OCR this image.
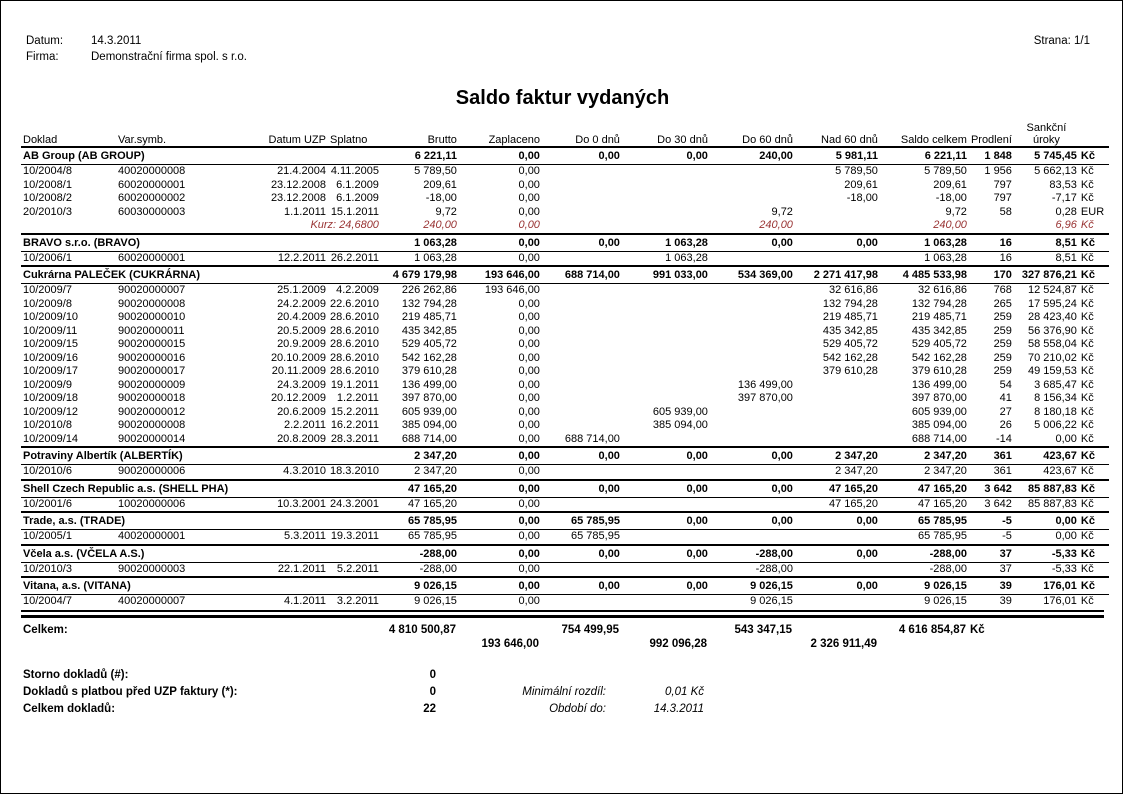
Datum:	14.3.2011
Firma:	Demonstrační firma spol. s r.o.
Strana: 1/1
Saldo faktur vydaných
Doklad	Var.symb.	Datum UZP	Splatno	Brutto	Zaplaceno	Do 0 dnů	Do 30 dnů	Do 60 dnů	Nad 60 dnů	Saldo celkem	Prodlení	Sankční
úroky	

AB Group (AB GROUP)				6 221,11	0,00	0,00	0,00	240,00	5 981,11	6 221,11	1 848	5 745,45	Kč
10/2004/8	40020000008	21.4.2004	4.11.2005	5 789,50	0,00				5 789,50	5 789,50	1 956	5 662,13	Kč
10/2008/1	60020000001	23.12.2008	6.1.2009	209,61	0,00				209,61	209,61	797	83,53	Kč
10/2008/2	60020000002	23.12.2008	6.1.2009	-18,00	0,00				-18,00	-18,00	797	-7,17	Kč
20/2010/3	60030000003	1.1.2011	15.1.2011	9,72	0,00			9,72		9,72	58	0,28	EUR
		Kurz: 24,6800		240,00	0,00			240,00		240,00		6,96	Kč
BRAVO s.r.o. (BRAVO)				1 063,28	0,00	0,00	1 063,28	0,00	0,00	1 063,28	16	8,51	Kč
10/2006/1	60020000001	12.2.2011	26.2.2011	1 063,28	0,00		1 063,28			1 063,28	16	8,51	Kč
Cukrárna PALEČEK (CUKRÁRNA)				4 679 179,98	193 646,00	688 714,00	991 033,00	534 369,00	2 271 417,98	4 485 533,98	170	327 876,21	Kč
10/2009/7	90020000007	25.1.2009	4.2.2009	226 262,86	193 646,00				32 616,86	32 616,86	768	12 524,87	Kč
10/2009/8	90020000008	24.2.2009	22.6.2010	132 794,28	0,00				132 794,28	132 794,28	265	17 595,24	Kč
10/2009/10	90020000010	20.4.2009	28.6.2010	219 485,71	0,00				219 485,71	219 485,71	259	28 423,40	Kč
10/2009/11	90020000011	20.5.2009	28.6.2010	435 342,85	0,00				435 342,85	435 342,85	259	56 376,90	Kč
10/2009/15	90020000015	20.9.2009	28.6.2010	529 405,72	0,00				529 405,72	529 405,72	259	58 558,04	Kč
10/2009/16	90020000016	20.10.2009	28.6.2010	542 162,28	0,00				542 162,28	542 162,28	259	70 210,02	Kč
10/2009/17	90020000017	20.11.2009	28.6.2010	379 610,28	0,00				379 610,28	379 610,28	259	49 159,53	Kč
10/2009/9	90020000009	24.3.2009	19.1.2011	136 499,00	0,00			136 499,00		136 499,00	54	3 685,47	Kč
10/2009/18	90020000018	20.12.2009	1.2.2011	397 870,00	0,00			397 870,00		397 870,00	41	8 156,34	Kč
10/2009/12	90020000012	20.6.2009	15.2.2011	605 939,00	0,00		605 939,00			605 939,00	27	8 180,18	Kč
10/2010/8	90020000008	2.2.2011	16.2.2011	385 094,00	0,00		385 094,00			385 094,00	26	5 006,22	Kč
10/2009/14	90020000014	20.8.2009	28.3.2011	688 714,00	0,00	688 714,00				688 714,00	-14	0,00	Kč
Potraviny Albertík (ALBERTÍK)				2 347,20	0,00	0,00	0,00	0,00	2 347,20	2 347,20	361	423,67	Kč
10/2010/6	90020000006	4.3.2010	18.3.2010	2 347,20	0,00				2 347,20	2 347,20	361	423,67	Kč
Shell Czech Republic a.s. (SHELL PHA)				47 165,20	0,00	0,00	0,00	0,00	47 165,20	47 165,20	3 642	85 887,83	Kč
10/2001/6	10020000006	10.3.2001	24.3.2001	47 165,20	0,00				47 165,20	47 165,20	3 642	85 887,83	Kč
Trade, a.s. (TRADE)				65 785,95	0,00	65 785,95	0,00	0,00	0,00	65 785,95	-5	0,00	Kč
10/2005/1	40020000001	5.3.2011	19.3.2011	65 785,95	0,00	65 785,95				65 785,95	-5	0,00	Kč
Včela a.s. (VČELA A.S.)				-288,00	0,00	0,00	0,00	-288,00	0,00	-288,00	37	-5,33	Kč
10/2010/3	90020000003	22.1.2011	5.2.2011	-288,00	0,00			-288,00		-288,00	37	-5,33	Kč
Vitana, a.s. (VITANA)				9 026,15	0,00	0,00	0,00	9 026,15	0,00	9 026,15	39	176,01	Kč
10/2004/7	40020000007	4.1.2011	3.2.2011	9 026,15	0,00			9 026,15		9 026,15	39	176,01	Kč
Celkem:	4 810 500,87		754 499,95		543 347,15		4 616 854,87	Kč		
		193 646,00		992 096,28		2 326 911,49				
Storno dokladů (#):	0		
Dokladů s platbou před UZP faktury (*):	0	Minimální rozdíl:	0,01 Kč
Celkem dokladů:	22	Období do:	14.3.2011
